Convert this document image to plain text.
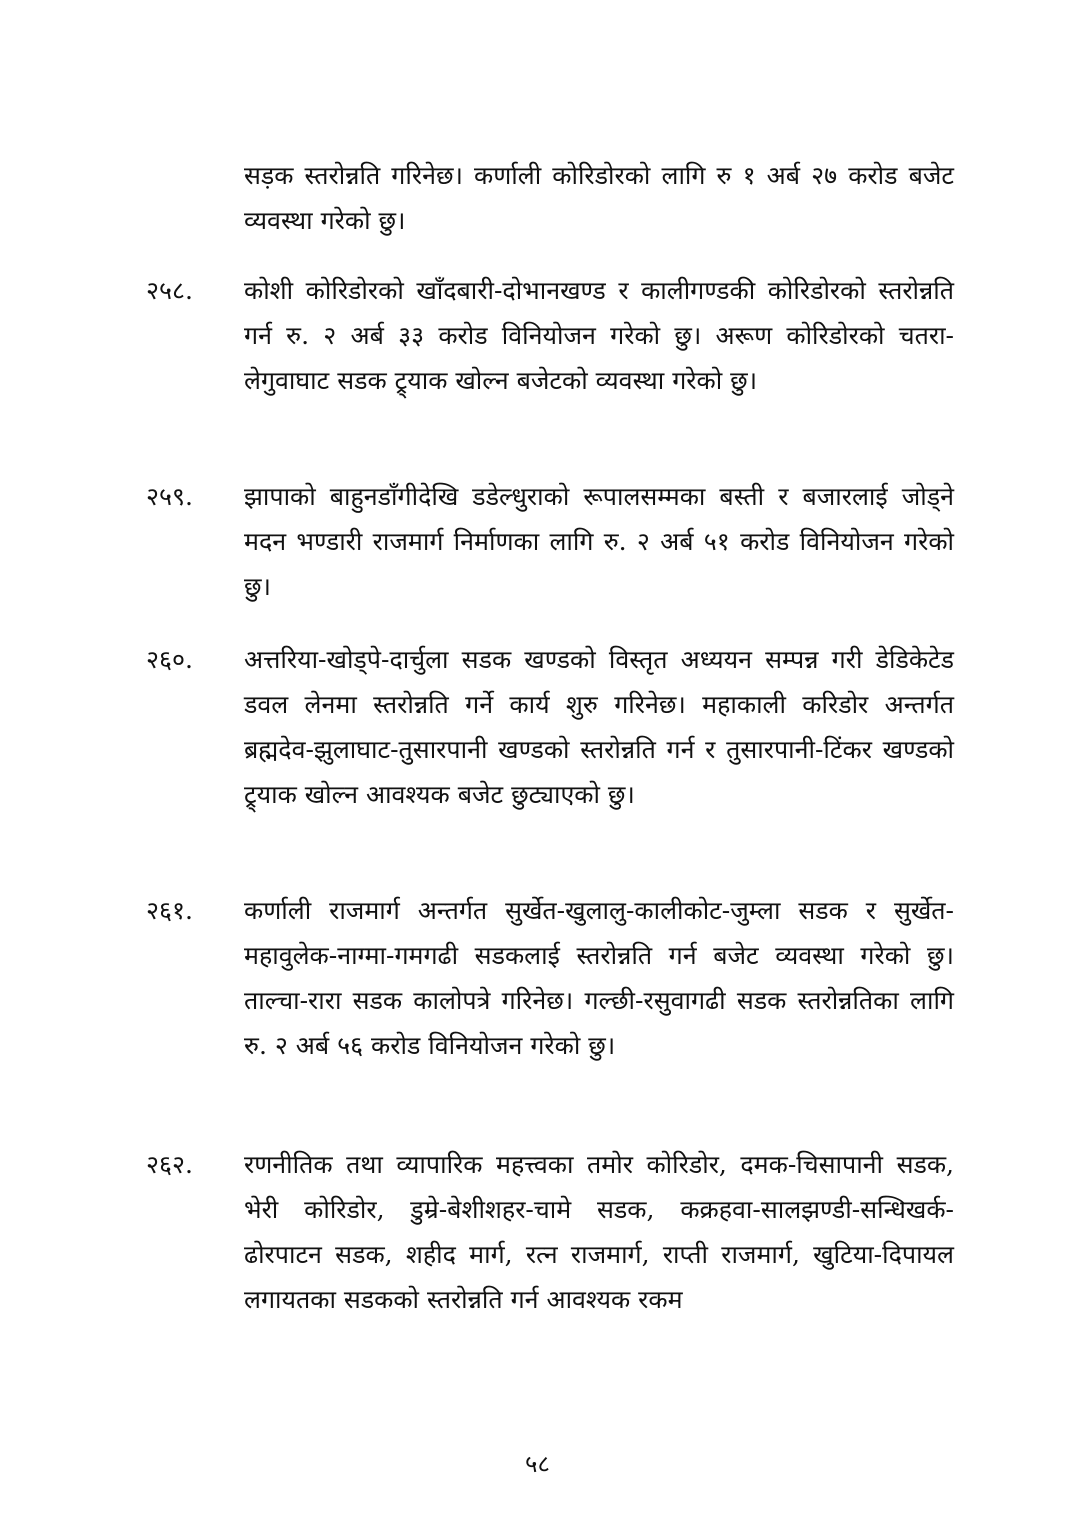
सड़क स्तरोन्नति गरिनेछ। कर्णाली कोरिडोरको लागि रु १ अर्ब २७ करोड बजेट व्यवस्था गरेको छु।
२५८.	कोशी कोरिडोरको खाँदबारी-दोभानखण्ड र कालीगण्डकी कोरिडोरको स्तरोन्नति गर्न रु. २ अर्ब ३३ करोड विनियोजन गरेको छु। अरूण कोरिडोरको चतरा-लेगुवाघाट सडक ट्र्याक खोल्न बजेटको व्यवस्था गरेको छु।
२५९.	झापाको बाहुनडाँगीदेखि डडेल्धुराको रूपालसम्मका बस्ती र बजारलाई जोड्ने मदन भण्डारी राजमार्ग निर्माणका लागि रु. २ अर्ब ५१ करोड विनियोजन गरेको छु।
२६०.	अत्तरिया-खोड्पे-दार्चुला सडक खण्डको विस्तृत अध्ययन सम्पन्न गरी डेडिकेटेड डवल लेनमा स्तरोन्नति गर्ने कार्य शुरु गरिनेछ। महाकाली करिडोर अन्तर्गत ब्रह्मदेव-झुलाघाट-तुसारपानी खण्डको स्तरोन्नति गर्न र तुसारपानी-टिंकर खण्डको ट्र्याक खोल्न आवश्यक बजेट छुट्याएको छु।
२६१.	कर्णाली राजमार्ग अन्तर्गत सुर्खेत-खुलालु-कालीकोट-जुम्ला सडक र सुर्खेत-महावुलेक-नाग्मा-गमगढी सडकलाई स्तरोन्नति गर्न बजेट व्यवस्था गरेको छु। ताल्चा-रारा सडक कालोपत्रे गरिनेछ। गल्छी-रसुवागढी सडक स्तरोन्नतिका लागि रु. २ अर्ब ५६ करोड विनियोजन गरेको छु।
२६२.	रणनीतिक तथा व्यापारिक महत्त्वका तमोर कोरिडोर, दमक-चिसापानी सडक, भेरी कोरिडोर, डुम्रे-बेशीशहर-चामे सडक, कक्रहवा-सालझण्डी-सन्धिखर्क-ढोरपाटन सडक, शहीद मार्ग, रत्न राजमार्ग, राप्ती राजमार्ग, खुटिया-दिपायल लगायतका सडकको स्तरोन्नति गर्न आवश्यक रकम
५८
